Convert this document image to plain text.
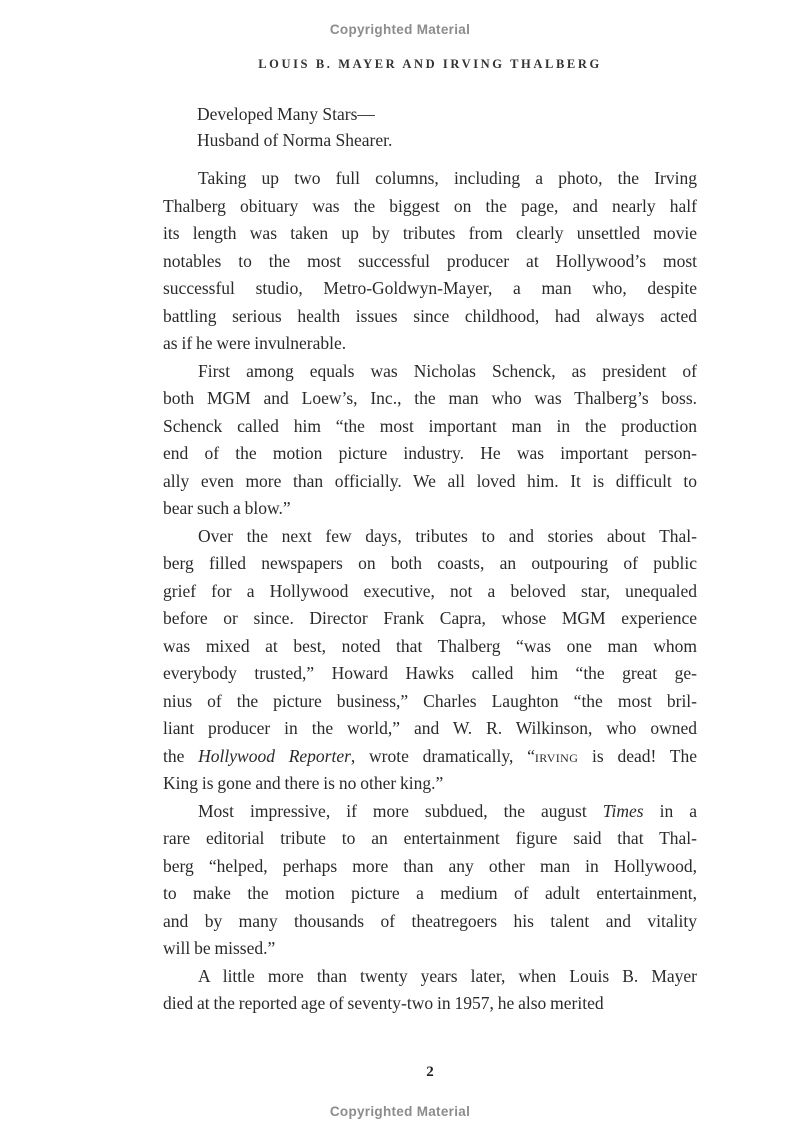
Copyrighted Material
LOUIS B. MAYER AND IRVING THALBERG
Developed Many Stars—
Husband of Norma Shearer.

Taking up two full columns, including a photo, the Irving
Thalberg obituary was the biggest on the page, and nearly half
its length was taken up by tributes from clearly unsettled movie
notables to the most successful producer at Hollywood’s most
successful studio, Metro-Goldwyn-Mayer, a man who, despite
battling serious health issues since childhood, had always acted
as if he were invulnerable.

First among equals was Nicholas Schenck, as president of
both MGM and Loew’s, Inc., the man who was Thalberg’s boss.
Schenck called him “the most important man in the production
end of the motion picture industry. He was important person-
ally even more than officially. We all loved him. It is difficult to
bear such a blow.”

Over the next few days, tributes to and stories about Thal-
berg filled newspapers on both coasts, an outpouring of public
grief for a Hollywood executive, not a beloved star, unequaled
before or since. Director Frank Capra, whose MGM experience
was mixed at best, noted that Thalberg “was one man whom
everybody trusted,” Howard Hawks called him “the great ge-
nius of the picture business,” Charles Laughton “the most bril-
liant producer in the world,” and W. R. Wilkinson, who owned
the Hollywood Reporter, wrote dramatically, “irving is dead! The
King is gone and there is no other king.”

Most impressive, if more subdued, the august Times in a
rare editorial tribute to an entertainment figure said that Thal-
berg “helped, perhaps more than any other man in Hollywood,
to make the motion picture a medium of adult entertainment,
and by many thousands of theatregoers his talent and vitality
will be missed.”

A little more than twenty years later, when Louis B. Mayer
died at the reported age of seventy-two in 1957, he also merited

2
Copyrighted Material
